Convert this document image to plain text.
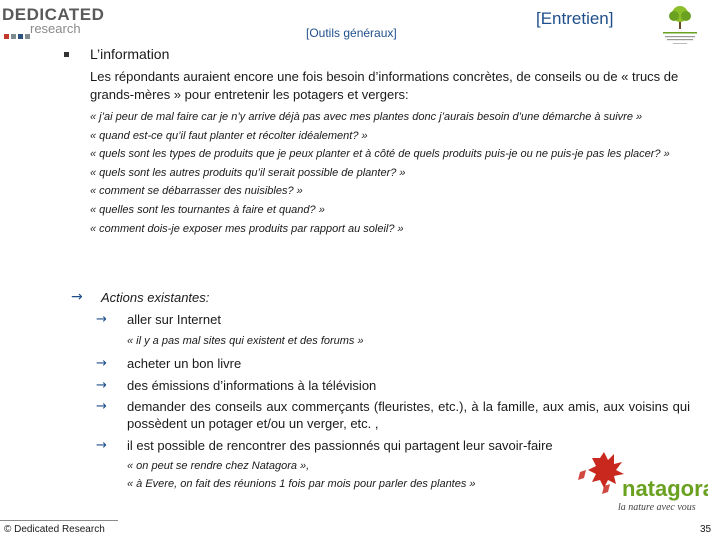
DEDICATED
research	[Outils généraux]
[Entretien]
L’information
Les répondants auraient encore une fois besoin d’informations concrètes, de conseils ou de « trucs de grands-mères » pour entretenir les potagers et vergers:
« j’ai peur de mal faire car je n’y arrive déjà pas avec mes plantes donc j’aurais besoin d’une démarche à suivre »
« quand est-ce qu’il faut planter et récolter idéalement? »
« quels sont les types de produits que je peux planter et à côté de quels produits puis-je ou ne puis-je pas les placer? »
« quels sont les autres produits qu’il serait possible de planter? »
« comment se débarrasser des nuisibles? »
« quelles sont les tournantes à faire et quand? »
« comment dois-je exposer mes produits par rapport au soleil? »
→ Actions existantes:
→ aller sur Internet
« il y a pas mal sites qui existent et des forums »
→ acheter un bon livre
→ des émissions d’informations à la télévision
→ demander des conseils aux commerçants (fleuristes, etc.), à la famille, aux amis, aux voisins qui possèdent un potager et/ou un verger, etc. ,
→ il est possible de rencontrer des passionnés qui partagent leur savoir-faire
« on peut se rendre chez Natagora »,
« à Evere, on fait des réunions 1 fois par mois pour parler des plantes »	natagora
la nature avec vous
© Dedicated Research	35
